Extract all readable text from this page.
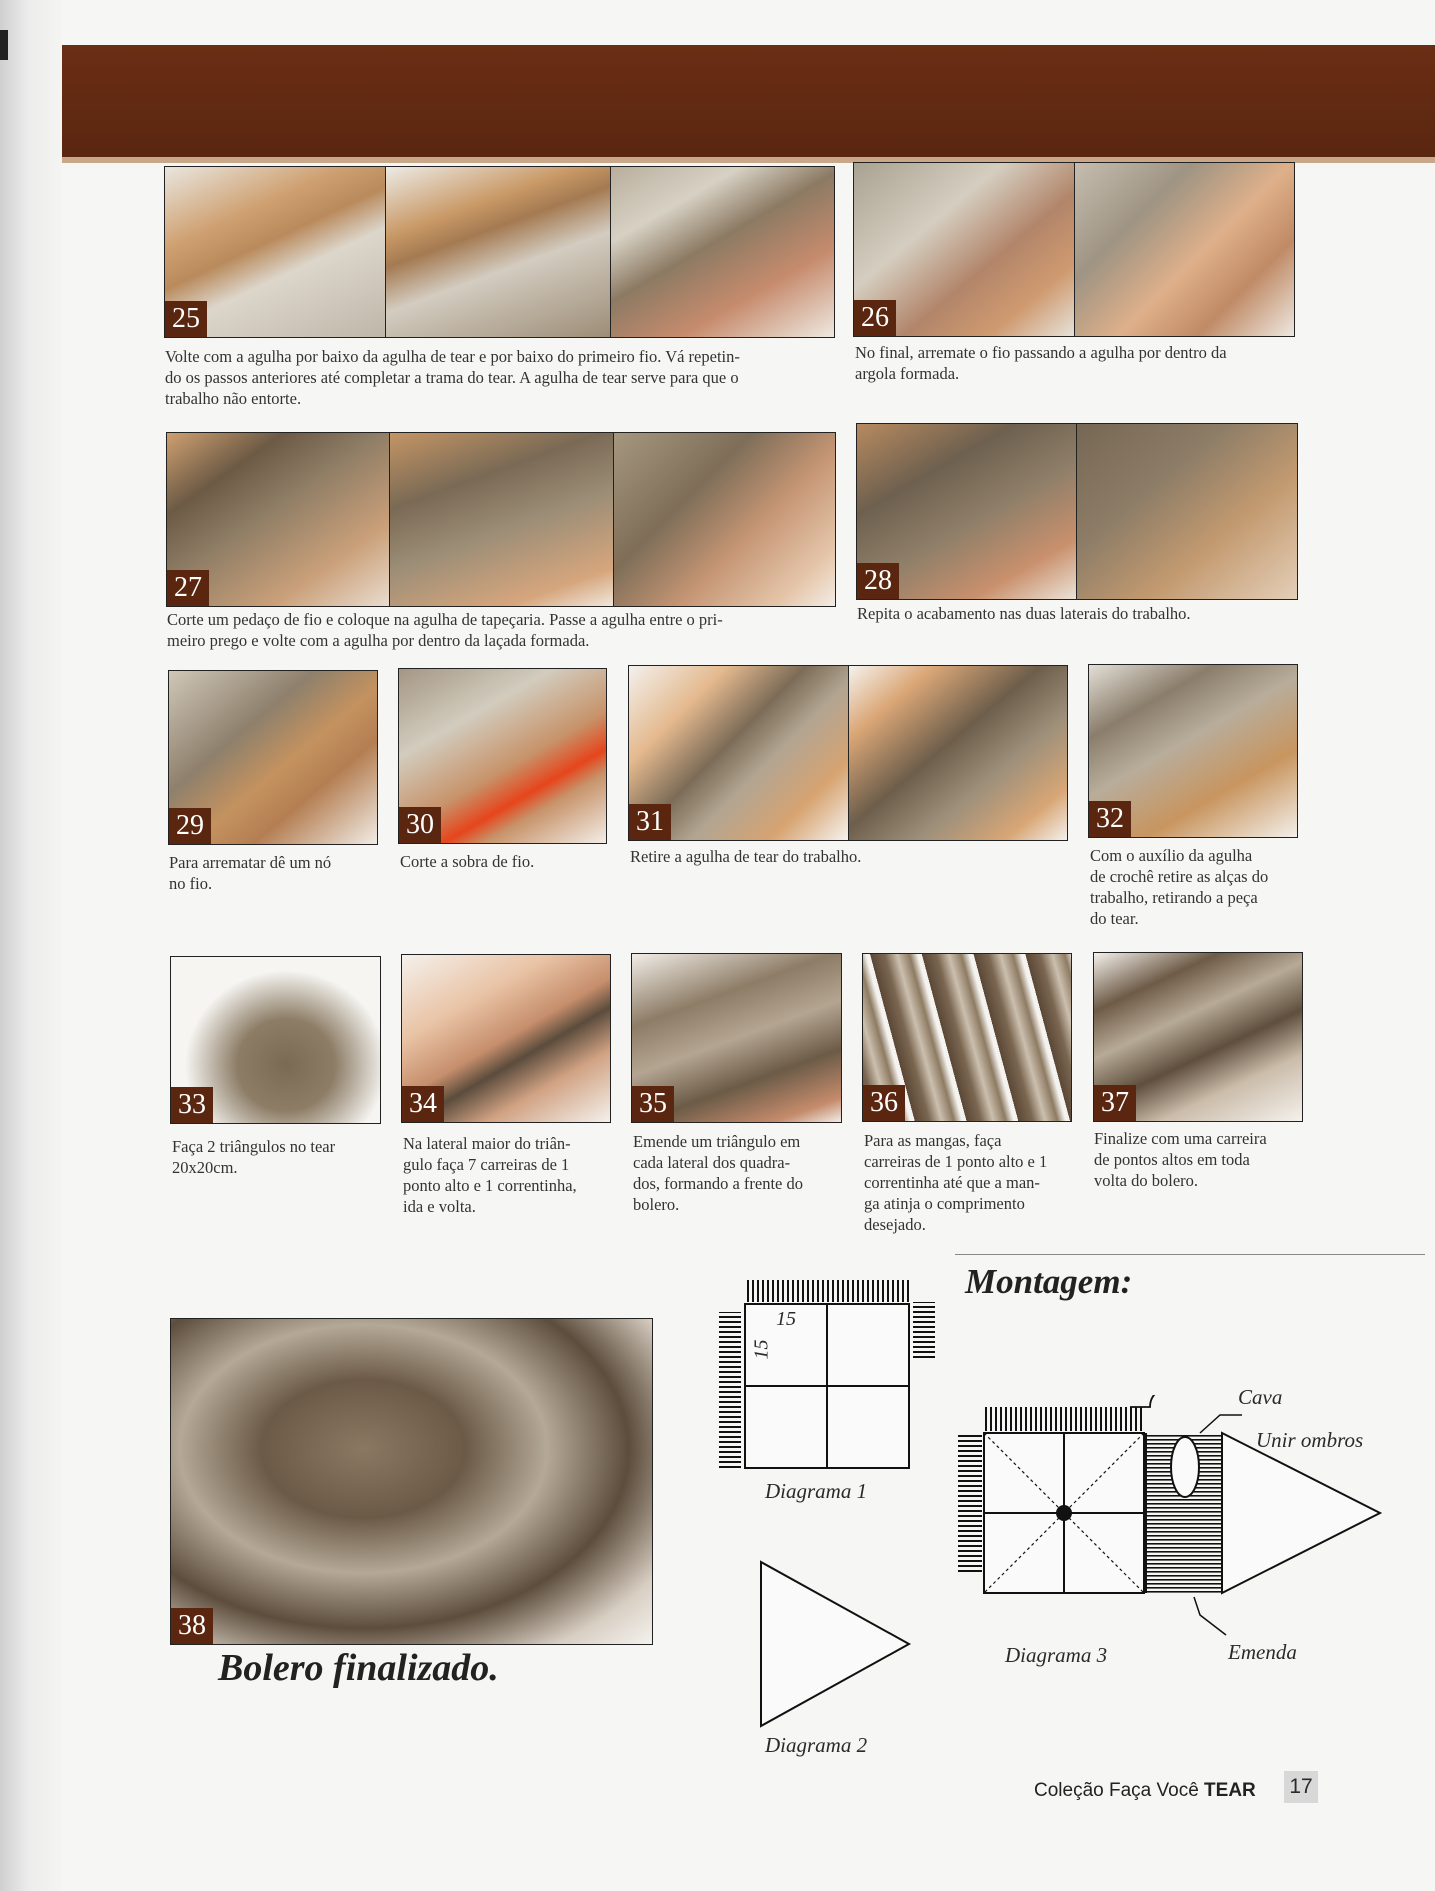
25	26
Volte com a agulha por baixo da agulha de tear e por baixo do primeiro fio. Vá repetin-
do os passos anteriores até completar a trama do tear. A agulha de tear serve para que o
trabalho não entorte.
No final, arremate o fio passando a agulha por dentro da
argola formada.
27	28
Corte um pedaço de fio e coloque na agulha de tapeçaria. Passe a agulha entre o pri-
meiro prego e volte com a agulha por dentro da laçada formada.
Repita o acabamento nas duas laterais do trabalho.
29	30	31	32
Para arrematar dê um nó
no fio.
Corte a sobra de fio.	Retire a agulha de tear do trabalho.	Com o auxílio da agulha
de crochê retire as alças do
trabalho, retirando a peça
do tear.
33	34	35	36	37
Faça 2 triângulos no tear
20x20cm.
Na lateral maior do triân-
gulo faça 7 carreiras de 1
ponto alto e 1 correntinha,
ida e volta.
Emende um triângulo em
cada lateral dos quadra-
dos, formando a frente do
bolero.
Para as mangas, faça
carreiras de 1 ponto alto e 1
correntinha até que a man-
ga atinja o comprimento
desejado.
Finalize com uma carreira
de pontos altos em toda
volta do bolero.
38
Bolero finalizado.
Montagem:
15
15
Diagrama 1
Diagrama 2
Cava
Unir ombros
Emenda
Diagrama 3
Coleção Faça Você TEAR 17
